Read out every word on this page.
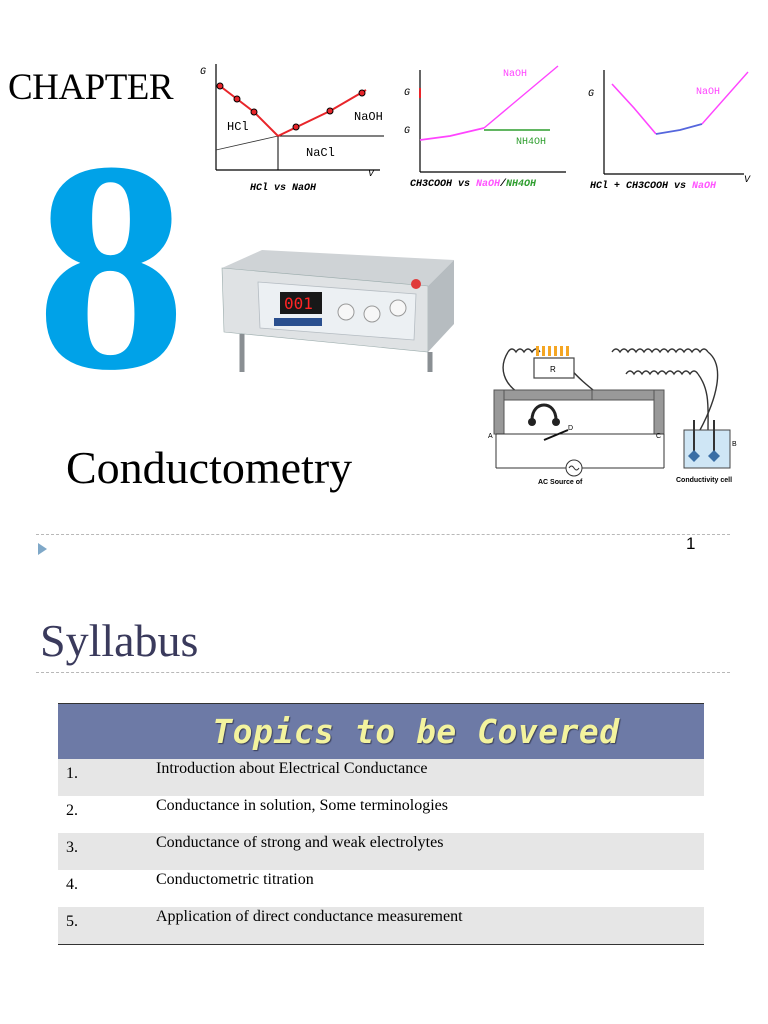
CHAPTER
8
G
V
HCl
NaOH
NaCl
HCl vs NaOH
G
G
NaOH
NH4OH
CH3COOH vs NaOH/NH4OH
G	NaOH
HCl + CH3COOH vs NaOH
V
001
R
A
D
C
B
AC Source of	Conductivity cell
Conductometry
1
Syllabus
Topics to be Covered	

1.	Introduction about Electrical Conductance
2.	Conductance in solution, Some terminologies
3.	Conductance of strong and weak electrolytes
4.	Conductometric titration
5.	Application of direct conductance measurement
